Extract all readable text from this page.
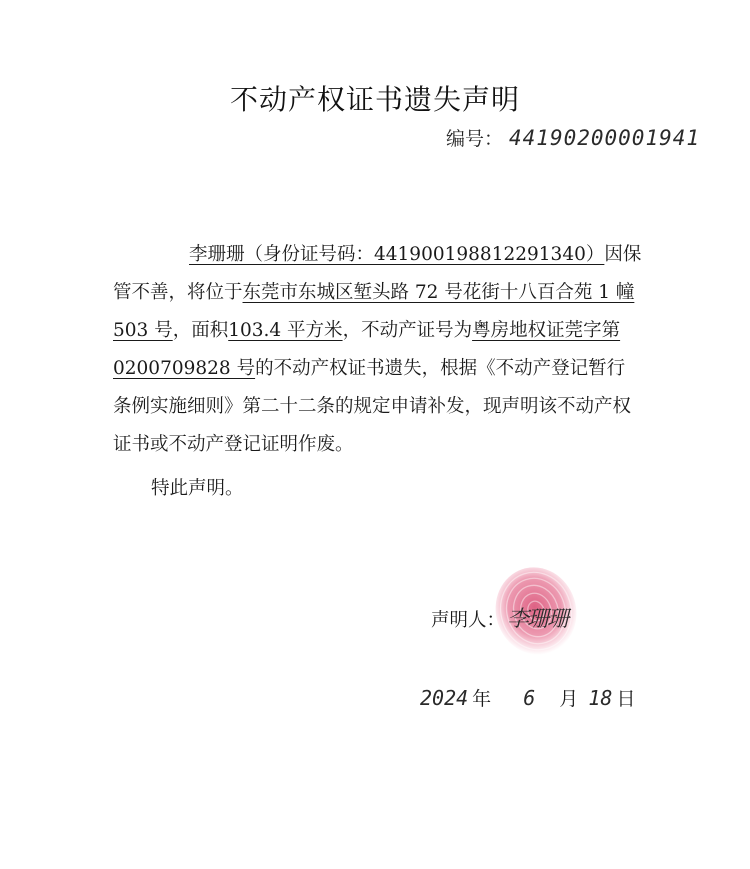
不动产权证书遗失声明
编号： 44190200001941

李珊珊（身份证号码：441900198812291340）因保管不善，将位于东莞市东城区堑头路 72 号花街十八百合苑 1 幢 503 号，面积103.4 平方米，不动产证号为粤房地权证莞字第 0200709828 号的不动产权证书遗失，根据《不动产登记暂行条例实施细则》第二十二条的规定申请补发，现声明该不动产权证书或不动产登记证明作废。

特此声明。

声明人：李珊珊
2024 年 6 月 18 日
